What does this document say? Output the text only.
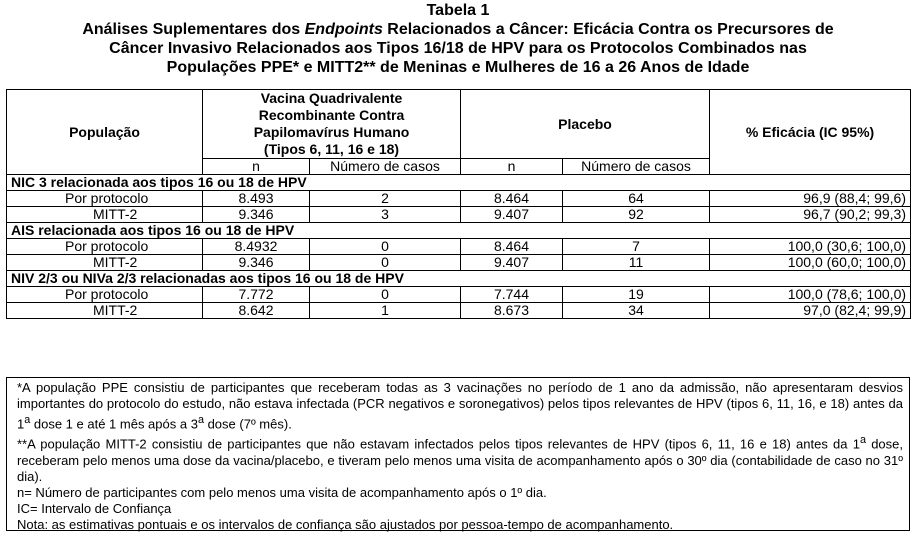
Tabela 1
Análises Suplementares dos Endpoints Relacionados a Câncer: Eficácia Contra os Precursores de
Câncer Invasivo Relacionados aos Tipos 16/18 de HPV para os Protocolos Combinados nas
Populações PPE* e MITT2** de Meninas e Mulheres de 16 a 26 Anos de Idade
População	Vacina Quadrivalente
Recombinante Contra
Papilomavírus Humano
(Tipos 6, 11, 16 e 18)		Placebo		% Eficácia (IC 95%)
	n	Número de casos	n	Número de casos	
NIC 3 relacionada aos tipos 16 ou 18 de HPV					
Por protocolo	8.493	2	8.464	64	96,9 (88,4; 99,6)
MITT-2	9.346	3	9.407	92	96,7 (90,2; 99,3)
AIS relacionada aos tipos 16 ou 18 de HPV					
Por protocolo	8.4932	0	8.464	7	100,0 (30,6; 100,0)
MITT-2	9.346	0	9.407	11	100,0 (60,0; 100,0)
NIV 2/3 ou NIVa 2/3 relacionadas aos tipos 16 ou 18 de HPV					
Por protocolo	7.772	0	7.744	19	100,0 (78,6; 100,0)
MITT-2	8.642	1	8.673	34	97,0 (82,4; 99,9)

*A população PPE consistiu de participantes que receberam todas as 3 vacinações no período de 1 ano da admissão, não apresentaram desvios importantes do protocolo do estudo, não estava infectada (PCR negativos e soronegativos) pelos tipos relevantes de HPV (tipos 6, 11, 16, e 18) antes da 1$^a$ dose 1 e até 1 mês após a 3$^a$ dose (7º mês).

**A população MITT-2 consistiu de participantes que não estavam infectados pelos tipos relevantes de HPV (tipos 6, 11, 16 e 18) antes da 1$^a$ dose, receberam pelo menos uma dose da vacina/placebo, e tiveram pelo menos uma visita de acompanhamento após o 30º dia (contabilidade de caso no 31º dia).

n= Número de participantes com pelo menos uma visita de acompanhamento após o 1º dia.

IC= Intervalo de Confiança

Nota: as estimativas pontuais e os intervalos de confiança são ajustados por pessoa-tempo de acompanhamento.
